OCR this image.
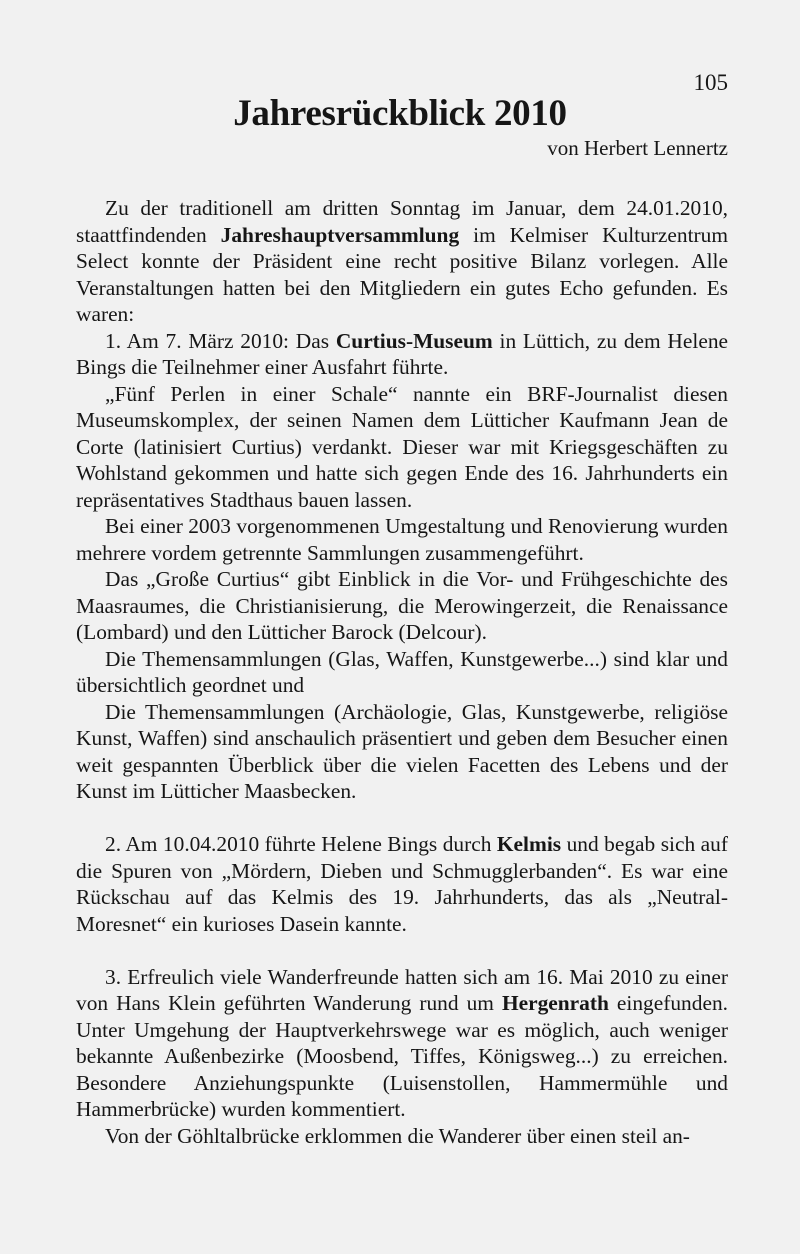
105
Jahresrückblick 2010
von Herbert Lennertz

Zu der traditionell am dritten Sonntag im Januar, dem 24.01.2010, staattfindenden Jahreshauptversammlung im Kelmiser Kulturzentrum Select konnte der Präsident eine recht positive Bilanz vorlegen. Alle Veranstaltungen hatten bei den Mitgliedern ein gutes Echo gefunden. Es waren:

1. Am 7. März 2010: Das Curtius-Museum in Lüttich, zu dem Helene Bings die Teilnehmer einer Ausfahrt führte.

„Fünf Perlen in einer Schale“ nannte ein BRF-Journalist diesen Museumskomplex, der seinen Namen dem Lütticher Kaufmann Jean de Corte (latinisiert Curtius) verdankt. Dieser war mit Kriegsgeschäften zu Wohlstand gekommen und hatte sich gegen Ende des 16. Jahrhunderts ein repräsentatives Stadthaus bauen lassen.

Bei einer 2003 vorgenommenen Umgestaltung und Renovierung wurden mehrere vordem getrennte Sammlungen zusammengeführt.

Das „Große Curtius“ gibt Einblick in die Vor- und Frühgeschichte des Maasraumes, die Christianisierung, die Merowingerzeit, die Renaissance (Lombard) und den Lütticher Barock (Delcour).

Die Themensammlungen (Glas, Waffen, Kunstgewerbe...) sind klar und übersichtlich geordnet und

Die Themensammlungen (Archäologie, Glas, Kunstgewerbe, religiöse Kunst, Waffen) sind anschaulich präsentiert und geben dem Besucher einen weit gespannten Überblick über die vielen Facetten des Lebens und der Kunst im Lütticher Maasbecken.

2. Am 10.04.2010 führte Helene Bings durch Kelmis und begab sich auf die Spuren von „Mördern, Dieben und Schmugglerbanden“. Es war eine Rückschau auf das Kelmis des 19. Jahrhunderts, das als „Neutral-Moresnet“ ein kurioses Dasein kannte.

3. Erfreulich viele Wanderfreunde hatten sich am 16. Mai 2010 zu einer von Hans Klein geführten Wanderung rund um Hergenrath eingefunden. Unter Umgehung der Hauptverkehrswege war es möglich, auch weniger bekannte Außenbezirke (Moosbend, Tiffes, Königsweg...) zu erreichen. Besondere Anziehungspunkte (Luisenstollen, Hammermühle und Hammerbrücke) wurden kommentiert.

Von der Göhltalbrücke erklommen die Wanderer über einen steil an-
